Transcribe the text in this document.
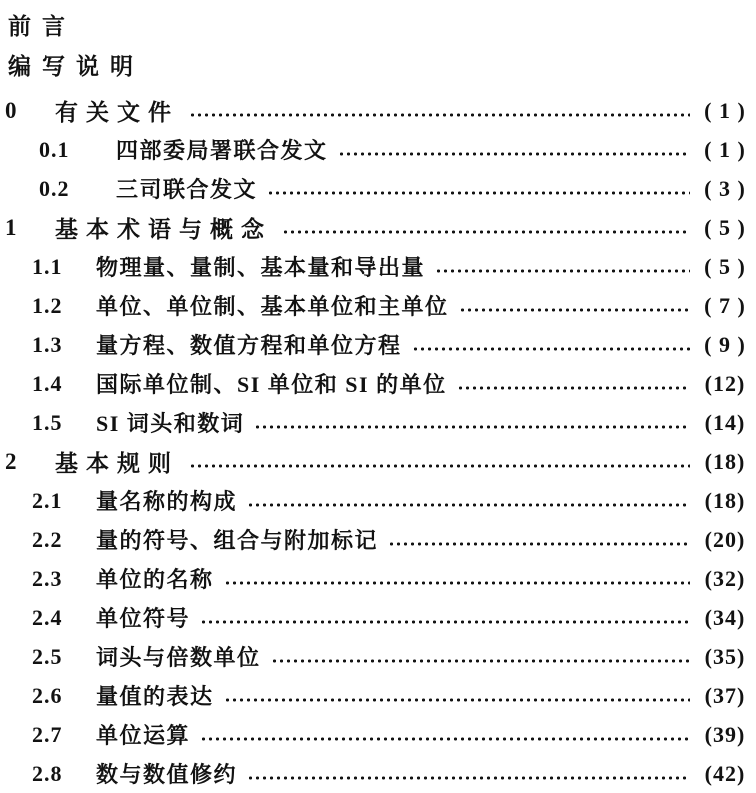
前言
编写说明
0	有关文件	( 1 )
0.1	四部委局署联合发文	( 1 )
0.2	三司联合发文	( 3 )
1	基本术语与概念	( 5 )
1.1	物理量、量制、基本量和导出量	( 5 )
1.2	单位、单位制、基本单位和主单位	( 7 )
1.3	量方程、数值方程和单位方程	( 9 )
1.4	国际单位制、SI 单位和 SI 的单位	(12)
1.5	SI 词头和数词	(14)
2	基本规则	(18)
2.1	量名称的构成	(18)
2.2	量的符号、组合与附加标记	(20)
2.3	单位的名称	(32)
2.4	单位符号	(34)
2.5	词头与倍数单位	(35)
2.6	量值的表达	(37)
2.7	单位运算	(39)
2.8	数与数值修约	(42)
